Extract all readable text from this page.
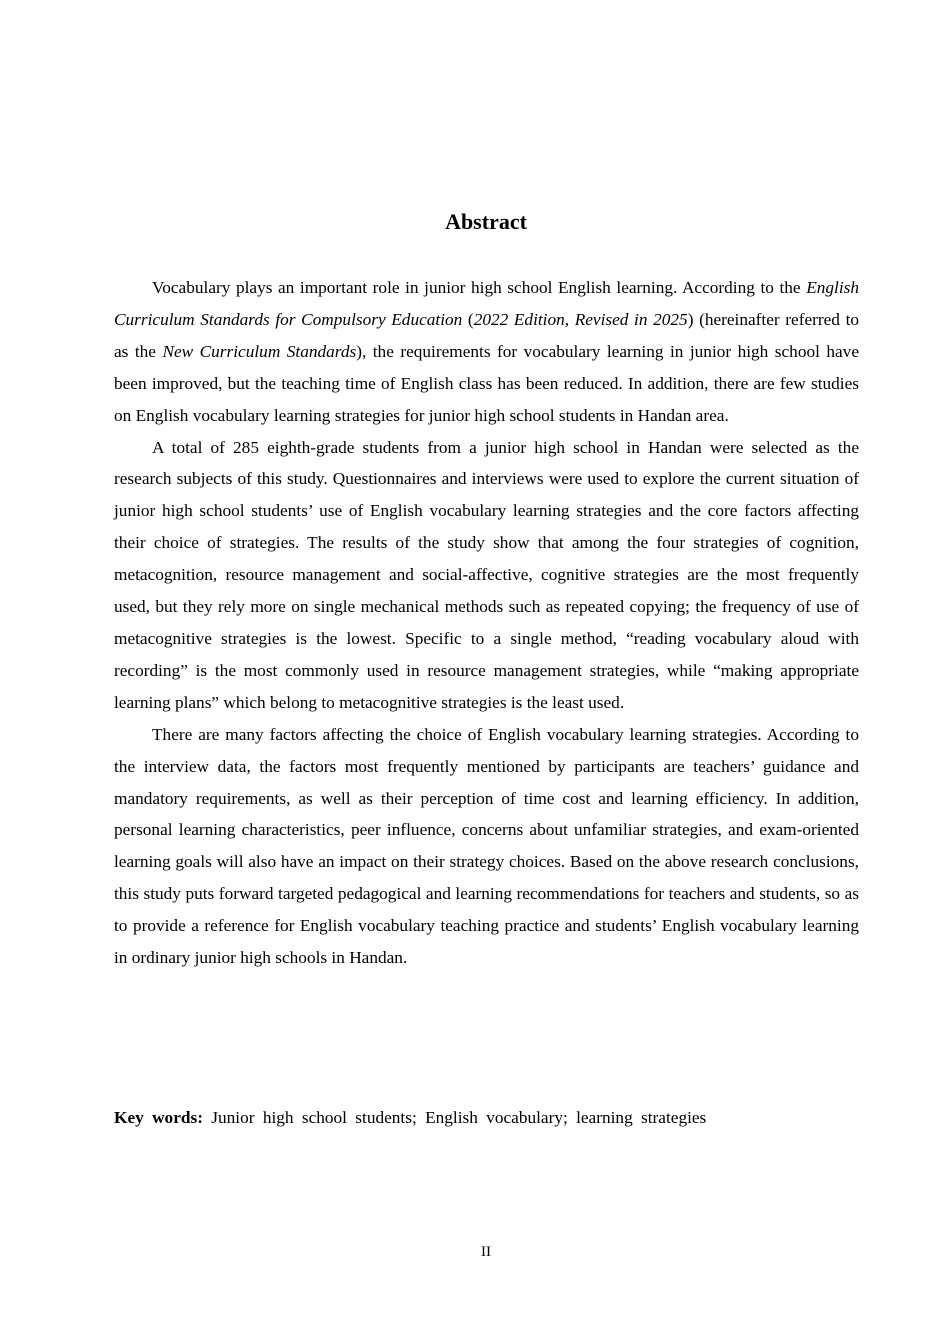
Abstract

Vocabulary plays an important role in junior high school English learning. According to the English Curriculum Standards for Compulsory Education (2022 Edition, Revised in 2025) (hereinafter referred to as the New Curriculum Standards), the requirements for vocabulary learning in junior high school have been improved, but the teaching time of English class has been reduced. In addition, there are few studies on English vocabulary learning strategies for junior high school students in Handan area.

A total of 285 eighth-grade students from a junior high school in Handan were selected as the research subjects of this study. Questionnaires and interviews were used to explore the current situation of junior high school students’ use of English vocabulary learning strategies and the core factors affecting their choice of strategies. The results of the study show that among the four strategies of cognition, metacognition, resource management and social-affective, cognitive strategies are the most frequently used, but they rely more on single mechanical methods such as repeated copying; the frequency of use of metacognitive strategies is the lowest. Specific to a single method, “reading vocabulary aloud with recording” is the most commonly used in resource management strategies, while “making appropriate learning plans” which belong to metacognitive strategies is the least used.

There are many factors affecting the choice of English vocabulary learning strategies. According to the interview data, the factors most frequently mentioned by participants are teachers’ guidance and mandatory requirements, as well as their perception of time cost and learning efficiency. In addition, personal learning characteristics, peer influence, concerns about unfamiliar strategies, and exam-oriented learning goals will also have an impact on their strategy choices. Based on the above research conclusions, this study puts forward targeted pedagogical and learning recommendations for teachers and students, so as to provide a reference for English vocabulary teaching practice and students’ English vocabulary learning in ordinary junior high schools in Handan.

Key words: Junior high school students; English vocabulary; learning strategies
II
